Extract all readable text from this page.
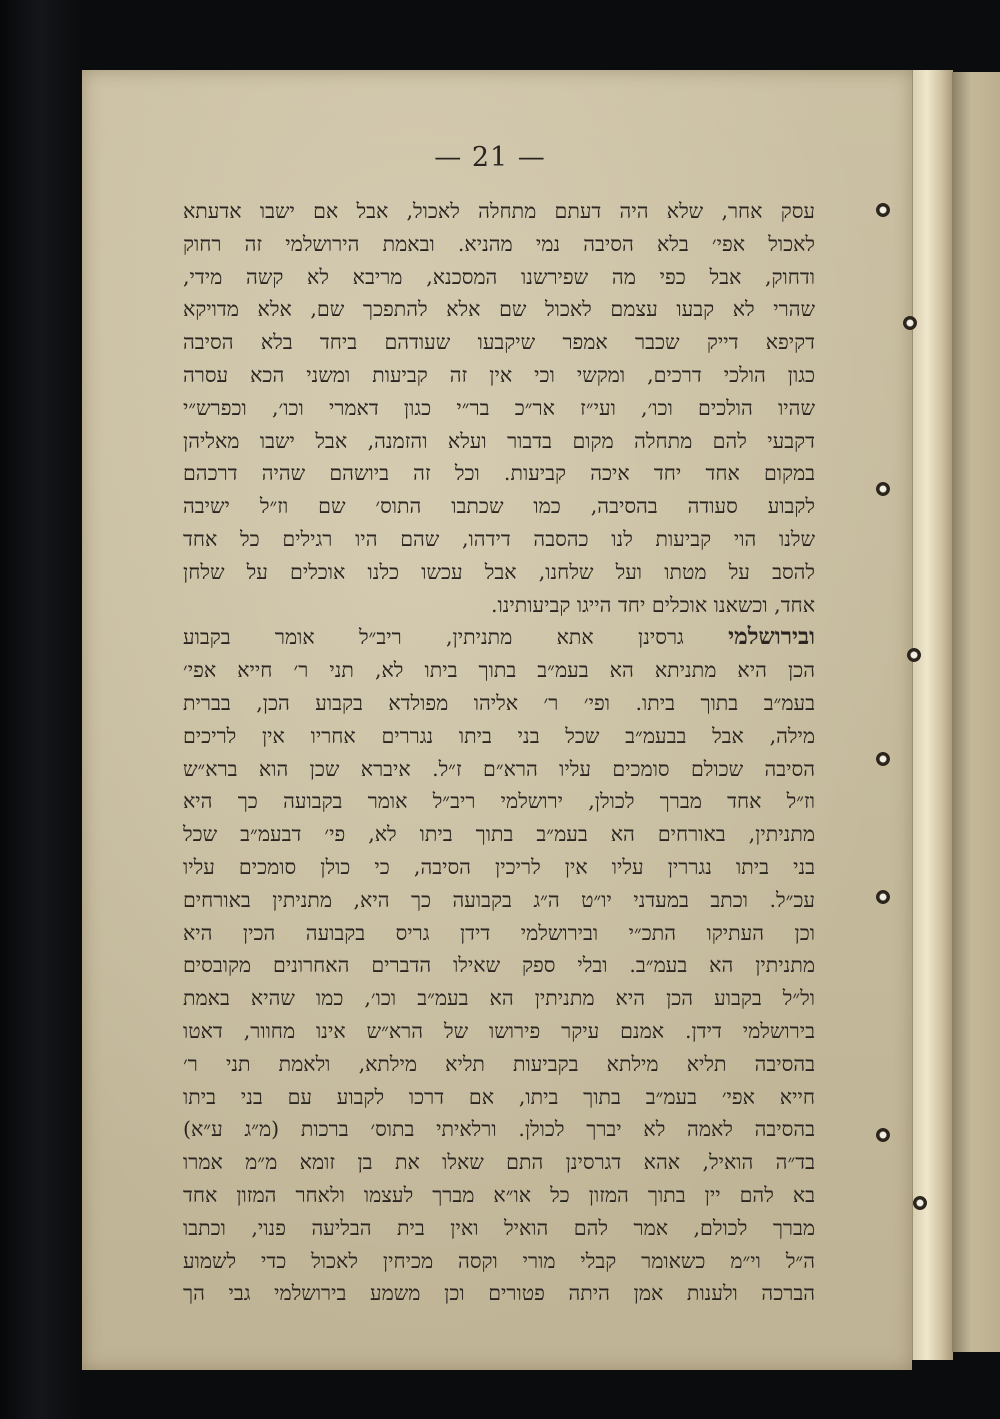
— 21 —
עסק אחר, שלא היה דעתם מתחלה לאכול, אבל אם ישבו אדעתא
לאכול אפי׳ בלא הסיבה נמי מהניא. ובאמת הירושלמי זה רחוק
ודחוק, אבל כפי מה שפירשנו המסכנא, מריבא לא קשה מידי,
שהרי לא קבעו עצמם לאכול שם אלא להתפכך שם, אלא מדויקא
דקיפא דייק שכבר אמפר שיקבעו שעודהם ביחד בלא הסיבה
כגון הולכי דרכים, ומקשי וכי אין זה קביעות ומשני הכא עסרה
שהיו הולכים וכו׳, ועי״ז אר״כ בר״י כגון דאמרי וכו׳, וכפרש״י
דקבעי להם מתחלה מקום בדבור ועלא והזמנה, אבל ישבו מאליהן
במקום אחד יחד איכה קביעות. וכל זה ביושהם שהיה דרכהם
לקבוע סעודה בהסיבה, כמו שכתבו התוס׳ שם וז״ל ישיבה
שלנו הוי קביעות לנו כהסבה דידהו, שהם היו רגילים כל אחד
להסב על מטתו ועל שלחנו, אבל עכשו כלנו אוכלים על שלחן
אחד, וכשאנו אוכלים יחד הייגו קביעותינו.
ובירושלמי גרסינן אתא מתניתין, ריב״ל אומר בקבוע
הכן היא מתניתא הא בעמ״ב בתוך ביתו לא, תני ר׳ חייא אפי׳
בעמ״ב בתוך ביתו. ופי׳ ר׳ אליהו מפולדא בקבוע הכן, בברית
מילה, אבל בבעמ״ב שכל בני ביתו נגררים אחריו אין לריכים
הסיבה שכולם סומכים עליו הרא״ם ז״ל. איברא שכן הוא ברא״ש
וז״ל אחד מברך לכולן, ירושלמי ריב״ל אומר בקבועה כך היא
מתניתין, באורחים הא בעמ״ב בתוך ביתו לא, פי׳ דבעמ״ב שכל
בני ביתו נגררין עליו אין לריכין הסיבה, כי כולן סומכים עליו
עכ״ל. וכתב במעדני יו״ט ה״ג בקבועה כך היא, מתניתין באורחים
וכן העתיקו התכ״י ובירושלמי דידן גריס בקבועה הכין היא
מתניתין הא בעמ״ב. ובלי ספק שאילו הדברים האחרונים מקובסים
ול״ל בקבוע הכן היא מתניתין הא בעמ״ב וכו׳, כמו שהיא באמת
בירושלמי דידן. אמנם עיקר פירושו של הרא״ש אינו מחוור, דאטו
בהסיבה תליא מילתא בקביעות תליא מילתא, ולאמת תני ר׳
חייא אפי׳ בעמ״ב בתוך ביתו, אם דרכו לקבוע עם בני ביתו
בהסיבה לאמה לא יברך לכולן. ורלאיתי בתוס׳ ברכות (מ״ג ע״א)
בד״ה הואיל, אהא דגרסינן התם שאלו את בן זומא מ״מ אמרו
בא להם יין בתוך המזון כל או״א מברך לעצמו ולאחר המזון אחד
מברך לכולם, אמר להם הואיל ואין בית הבליעה פנוי, וכתבו
ה״ל וי״מ כשאומר קבלי מורי וקסה מכיחין לאכול כדי לשמוע
הברכה ולענות אמן היתה פטורים וכן משמע בירושלמי גבי הך
